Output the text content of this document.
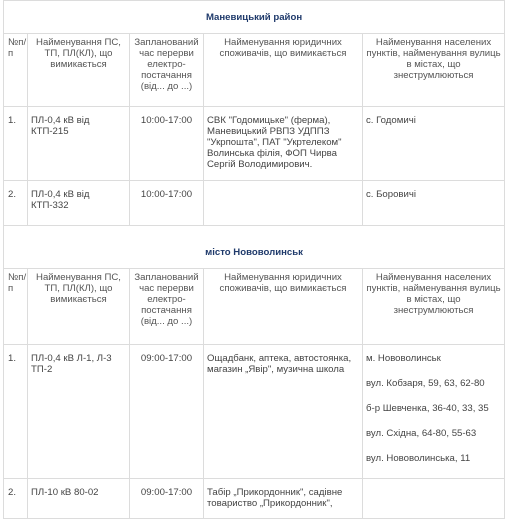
Маневицький район				
№п/п	Найменування ПС, ТП, ПЛ(КЛ), що вимикається	Запланований час перерви електро-постачання (від... до ...)	Найменування юридичних споживачів, що вимикається	Найменування населених пунктів, найменування вулиць в містах, що знеструмлюються
1.	ПЛ-0,4 кВ від КТП-215	10:00-17:00	СВК "Годомицьке" (ферма), Маневицький РВПЗ УДППЗ "Укрпошта", ПАТ "Укртелеком" Волинська філія, ФОП Чирва Сергій Володимирович.	с. Годомичі
2.	ПЛ-0,4 кВ від КТП-332	10:00-17:00		с. Боровичі
місто Нововолинськ				
№п/п	Найменування ПС, ТП, ПЛ(КЛ), що вимикається	Запланований час перерви електро-постачання (від... до ...)	Найменування юридичних споживачів, що вимикається	Найменування населених пунктів, найменування вулиць в містах, що знеструмлюються
1.	ПЛ-0,4 кВ Л-1, Л-3 ТП-2	09:00-17:00	Ощадбанк, аптека, автостоянка, магазин „Явір", музична школа	м. Нововолинськ
вул. Кобзаря, 59, 63, 62-80
б-р Шевченка, 36-40, 33, 35
вул. Східна, 64-80, 55-63
вул. Нововолинська, 11

2.	ПЛ-10 кВ 80-02	09:00-17:00	Табір „Прикордонник", садівне товариство „Прикордонник",	
